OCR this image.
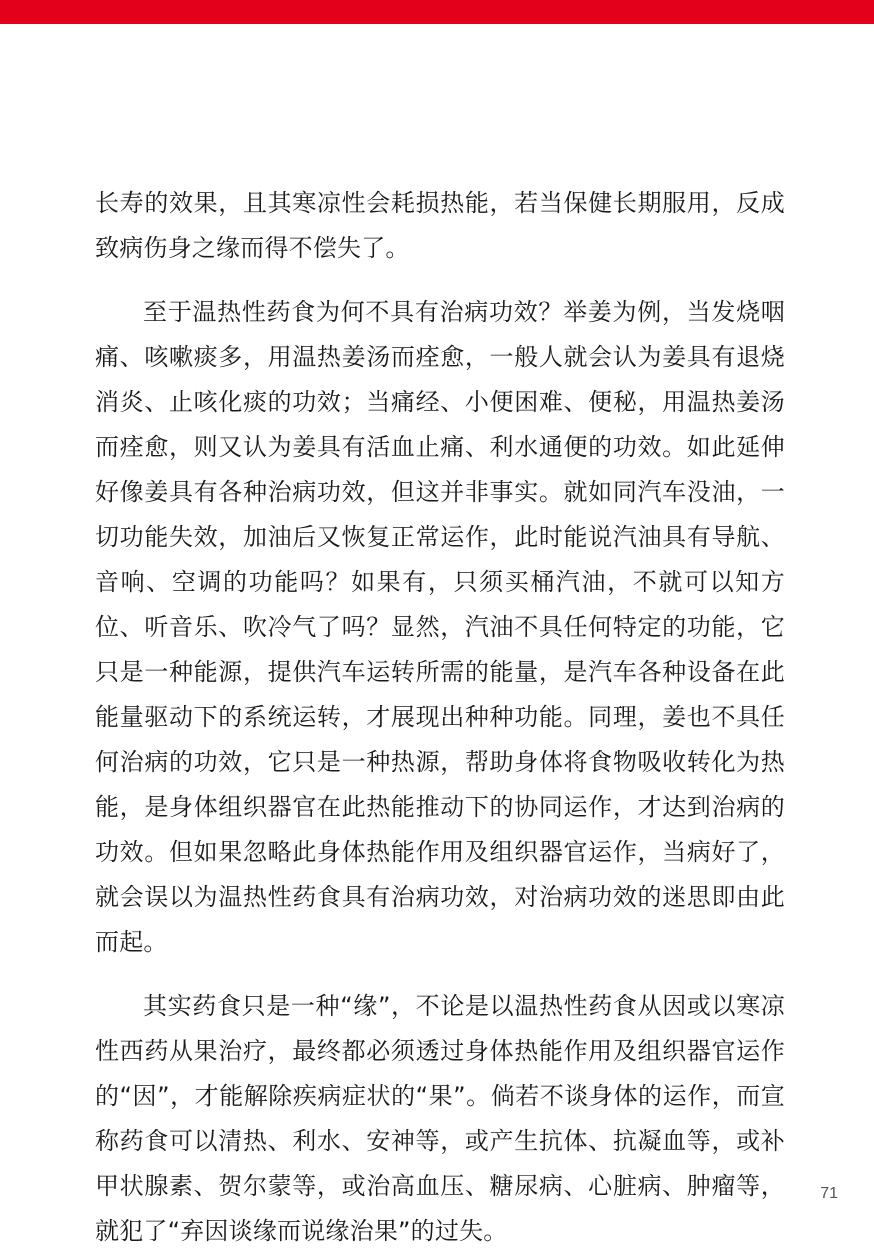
长寿的效果，且其寒凉性会耗损热能，若当保健长期服用，反成致病伤身之缘而得不偿失了。

至于温热性药食为何不具有治病功效？举姜为例，当发烧咽痛、咳嗽痰多，用温热姜汤而痊愈，一般人就会认为姜具有退烧消炎、止咳化痰的功效；当痛经、小便困难、便秘，用温热姜汤而痊愈，则又认为姜具有活血止痛、利水通便的功效。如此延伸好像姜具有各种治病功效，但这并非事实。就如同汽车没油，一切功能失效，加油后又恢复正常运作，此时能说汽油具有导航、音响、空调的功能吗？如果有，只须买桶汽油，不就可以知方位、听音乐、吹冷气了吗？显然，汽油不具任何特定的功能，它只是一种能源，提供汽车运转所需的能量，是汽车各种设备在此能量驱动下的系统运转，才展现出种种功能。同理，姜也不具任何治病的功效，它只是一种热源，帮助身体将食物吸收转化为热能，是身体组织器官在此热能推动下的协同运作，才达到治病的功效。但如果忽略此身体热能作用及组织器官运作，当病好了，就会误以为温热性药食具有治病功效，对治病功效的迷思即由此而起。

其实药食只是一种“缘”，不论是以温热性药食从因或以寒凉性西药从果治疗，最终都必须透过身体热能作用及组织器官运作的“因”，才能解除疾病症状的“果”。倘若不谈身体的运作，而宣称药食可以清热、利水、安神等，或产生抗体、抗凝血等，或补甲状腺素、贺尔蒙等，或治高血压、糖尿病、心脏病、肿瘤等，就犯了“弃因谈缘而说缘治果”的过失。

71
